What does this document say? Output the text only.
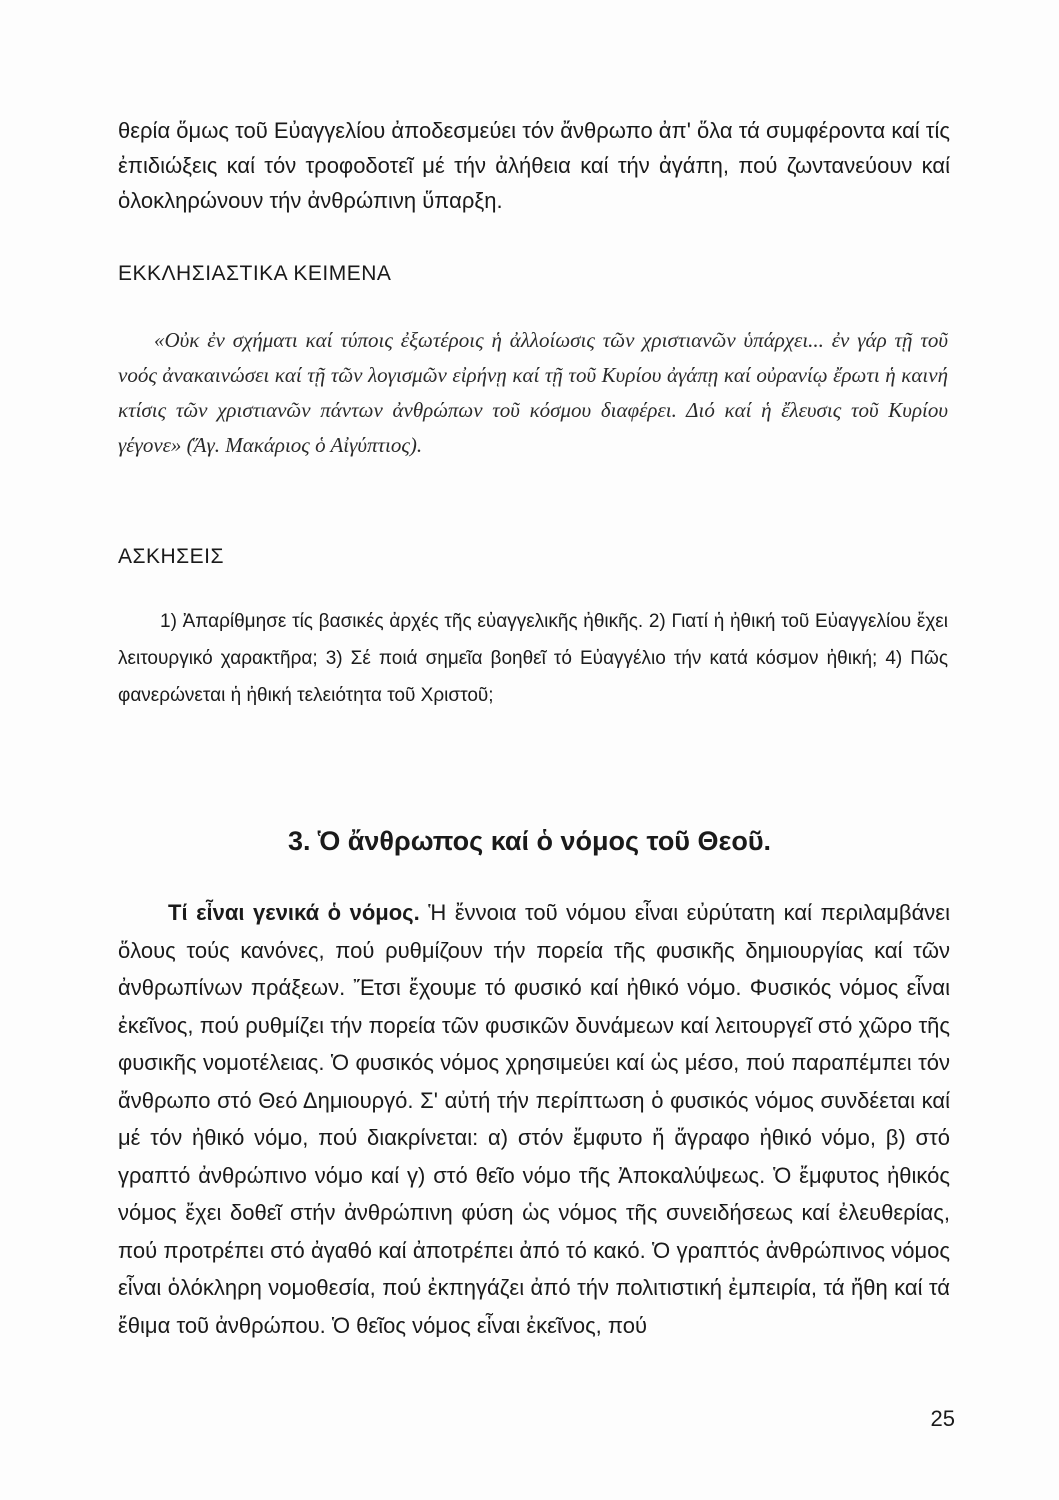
θερία ὅμως τοῦ Εὐαγγελίου ἀποδεσμεύει τόν ἄνθρωπο ἀπ' ὅλα τά συμφέροντα καί τίς ἐπιδιώξεις καί τόν τροφοδοτεῖ μέ τήν ἀλήθεια καί τήν ἀγάπη, πού ζωντανεύουν καί ὁλοκληρώνουν τήν ἀνθρώπινη ὕπαρξη.

ΕΚΚΛΗΣΙΑΣΤΙΚΑ ΚΕΙΜΕΝΑ

«Οὐκ ἐν σχήματι καί τύποις ἐξωτέροις ἡ ἀλλοίωσις τῶν χριστιανῶν ὑπάρχει... ἐν γάρ τῇ τοῦ νοός ἀνακαινώσει καί τῇ τῶν λογισμῶν εἰρήνῃ καί τῇ τοῦ Κυρίου ἀγάπῃ καί οὐρανίῳ ἔρωτι ἡ καινή κτίσις τῶν χριστιανῶν πάντων ἀνθρώπων τοῦ κόσμου διαφέρει. Διό καί ἡ ἔλευσις τοῦ Κυρίου γέγονε» (Ἅγ. Μακάριος ὁ Αἰγύπτιος).

ΑΣΚΗΣΕΙΣ

1) Ἀπαρίθμησε τίς βασικές ἀρχές τῆς εὐαγγελικῆς ἠθικῆς. 2) Γιατί ἡ ἠθική τοῦ Εὐαγγελίου ἔχει λειτουργικό χαρακτῆρα; 3) Σέ ποιά σημεῖα βοηθεῖ τό Εὐαγγέλιο τήν κατά κόσμον ἠθική; 4) Πῶς φανερώνεται ἡ ἠθική τελειότητα τοῦ Χριστοῦ;

3. Ὁ ἄνθρωπος καί ὁ νόμος τοῦ Θεοῦ.

Τί εἶναι γενικά ὁ νόμος. Ἡ ἔννοια τοῦ νόμου εἶναι εὐρύτατη καί περιλαμβάνει ὅλους τούς κανόνες, πού ρυθμίζουν τήν πορεία τῆς φυσικῆς δημιουργίας καί τῶν ἀνθρωπίνων πράξεων. Ἔτσι ἔχουμε τό φυσικό καί ἠθικό νόμο. Φυσικός νόμος εἶναι ἐκεῖνος, πού ρυθμίζει τήν πορεία τῶν φυσικῶν δυνάμεων καί λειτουργεῖ στό χῶρο τῆς φυσικῆς νομοτέλειας. Ὁ φυσικός νόμος χρησιμεύει καί ὡς μέσο, πού παραπέμπει τόν ἄνθρωπο στό Θεό Δημιουργό. Σ' αὐτή τήν περίπτωση ὁ φυσικός νόμος συνδέεται καί μέ τόν ἠθικό νόμο, πού διακρίνεται: α) στόν ἔμφυτο ἤ ἄγραφο ἠθικό νόμο, β) στό γραπτό ἀνθρώπινο νόμο καί γ) στό θεῖο νόμο τῆς Ἀποκαλύψεως. Ὁ ἔμφυτος ἠθικός νόμος ἔχει δοθεῖ στήν ἀνθρώπινη φύση ὡς νόμος τῆς συνειδήσεως καί ἐλευθερίας, πού προτρέπει στό ἀγαθό καί ἀποτρέπει ἀπό τό κακό. Ὁ γραπτός ἀνθρώπινος νόμος εἶναι ὁλόκληρη νομοθεσία, πού ἐκπηγάζει ἀπό τήν πολιτιστική ἐμπειρία, τά ἤθη καί τά ἔθιμα τοῦ ἀνθρώπου. Ὁ θεῖος νόμος εἶναι ἐκεῖνος, πού

25
